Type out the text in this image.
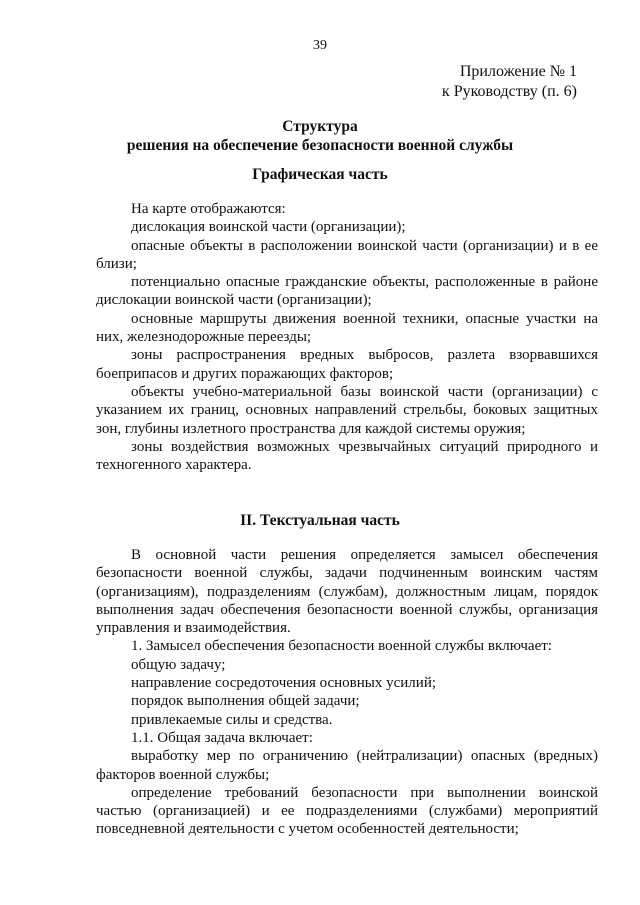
39
Приложение № 1
к Руководству (п. 6)
Структура
решения на обеспечение безопасности военной службы
Графическая часть

На карте отображаются:

дислокация воинской части (организации);

опасные объекты в расположении воинской части (организации) и в ее близи;

потенциально опасные гражданские объекты, расположенные в районе дислокации воинской части (организации);

основные маршруты движения военной техники, опасные участки на них, железнодорожные переезды;

зоны распространения вредных выбросов, разлета взорвавшихся боеприпасов и других поражающих факторов;

объекты учебно-материальной базы воинской части (организации) с указанием их границ, основных направлений стрельбы, боковых защитных зон, глубины излетного пространства для каждой системы оружия;

зоны воздействия возможных чрезвычайных ситуаций природного и техногенного характера.

II. Текстуальная часть

В основной части решения определяется замысел обеспечения безопасности военной службы, задачи подчиненным воинским частям (организациям), подразделениям (службам), должностным лицам, порядок выполнения задач обеспечения безопасности военной службы, организация управления и взаимодействия.

1. Замысел обеспечения безопасности военной службы включает:

общую задачу;

направление сосредоточения основных усилий;

порядок выполнения общей задачи;

привлекаемые силы и средства.

1.1. Общая задача включает:

выработку мер по ограничению (нейтрализации) опасных (вредных) факторов военной службы;

определение требований безопасности при выполнении воинской частью (организацией) и ее подразделениями (службами) мероприятий повседневной деятельности с учетом особенностей деятельности;
